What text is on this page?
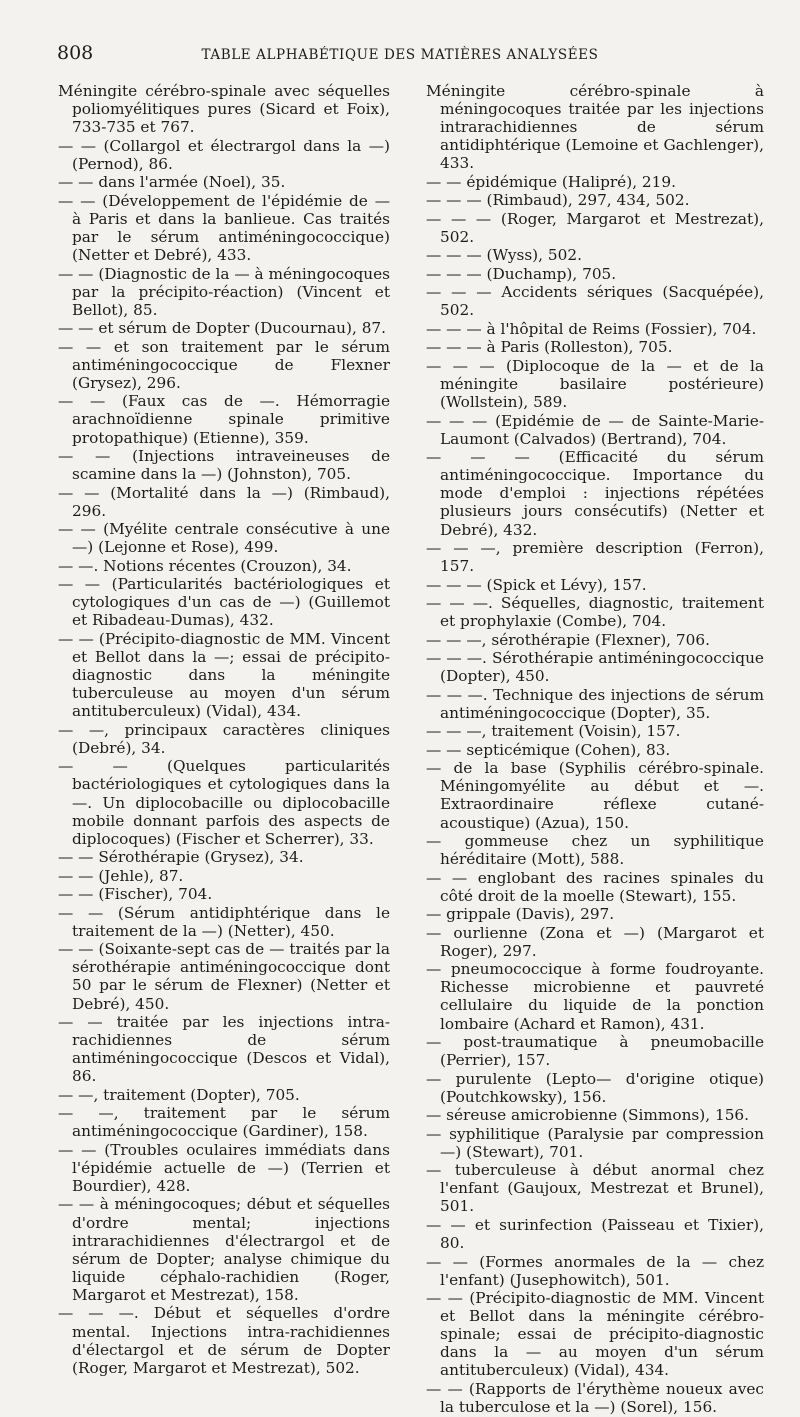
808	TABLE ALPHABÉTIQUE DES MATIÈRES ANALYSÉES

Méningite cérébro-spinale avec séquelles poliomyélitiques pures (Sicard et Foix), 733-735 et 767.

— — (Collargol et électrargol dans la —) (Pernod), 86.

— — dans l'armée (Noel), 35.

— — (Développement de l'épidémie de — à Paris et dans la banlieue. Cas traités par le sérum antiméningococcique) (Netter et Debré), 433.

— — (Diagnostic de la — à méningocoques par la précipito-réaction) (Vincent et Bellot), 85.

— — et sérum de Dopter (Ducournau), 87.

— — et son traitement par le sérum antiméningococcique de Flexner (Grysez), 296.

— — (Faux cas de —. Hémorragie arachnoïdienne spinale primitive protopathique) (Etienne), 359.

— — (Injections intraveineuses de scamine dans la —) (Johnston), 705.

— — (Mortalité dans la —) (Rimbaud), 296.

— — (Myélite centrale consécutive à une —) (Lejonne et Rose), 499.

— —. Notions récentes (Crouzon), 34.

— — (Particularités bactériologiques et cytologiques d'un cas de —) (Guillemot et Ribadeau-Dumas), 432.

— — (Précipito-diagnostic de MM. Vincent et Bellot dans la —; essai de précipito-diagnostic dans la méningite tuberculeuse au moyen d'un sérum antituberculeux) (Vidal), 434.

— —, principaux caractères cliniques (Debré), 34.

— — (Quelques particularités bactériologiques et cytologiques dans la —. Un diplocobacille ou diplocobacille mobile donnant parfois des aspects de diplocoques) (Fischer et Scherrer), 33.

— — Sérothérapie (Grysez), 34.

— — (Jehle), 87.

— — (Fischer), 704.

— — (Sérum antidiphtérique dans le traitement de la —) (Netter), 450.

— — (Soixante-sept cas de — traités par la sérothérapie antiméningococcique dont 50 par le sérum de Flexner) (Netter et Debré), 450.

— — traitée par les injections intra-rachidiennes de sérum antiméningococcique (Descos et Vidal), 86.

— —, traitement (Dopter), 705.

— —, traitement par le sérum antiméningococcique (Gardiner), 158.

— — (Troubles oculaires immédiats dans l'épidémie actuelle de —) (Terrien et Bourdier), 428.

— — à méningocoques; début et séquelles d'ordre mental; injections intrarachidiennes d'électrargol et de sérum de Dopter; analyse chimique du liquide céphalo-rachidien (Roger, Margarot et Mestrezat), 158.

— — —. Début et séquelles d'ordre mental. Injections intra-rachidiennes d'électargol et de sérum de Dopter (Roger, Margarot et Mestrezat), 502.

Méningite cérébro-spinale à méningocoques traitée par les injections intrarachidiennes de sérum antidiphtérique (Lemoine et Gachlenger), 433.

— — épidémique (Halipré), 219.

— — — (Rimbaud), 297, 434, 502.

— — — (Roger, Margarot et Mestrezat), 502.

— — — (Wyss), 502.

— — — (Duchamp), 705.

— — — Accidents sériques (Sacquépée), 502.

— — — à l'hôpital de Reims (Fossier), 704.

— — — à Paris (Rolleston), 705.

— — — (Diplocoque de la — et de la méningite basilaire postérieure) (Wollstein), 589.

— — — (Epidémie de — de Sainte-Marie-Laumont (Calvados) (Bertrand), 704.

— — — (Efficacité du sérum antiméningococcique. Importance du mode d'emploi : injections répétées plusieurs jours consécutifs) (Netter et Debré), 432.

— — —, première description (Ferron), 157.

— — — (Spick et Lévy), 157.

— — —. Séquelles, diagnostic, traitement et prophylaxie (Combe), 704.

— — —, sérothérapie (Flexner), 706.

— — —. Sérothérapie antiméningococcique (Dopter), 450.

— — —. Technique des injections de sérum antiméningococcique (Dopter), 35.

— — —, traitement (Voisin), 157.

— — septicémique (Cohen), 83.

— de la base (Syphilis cérébro-spinale. Méningomyélite au début et —. Extraordinaire réflexe cutané-acoustique) (Azua), 150.

— gommeuse chez un syphilitique héréditaire (Mott), 588.

— — englobant des racines spinales du côté droit de la moelle (Stewart), 155.

— grippale (Davis), 297.

— ourlienne (Zona et —) (Margarot et Roger), 297.

— pneumococcique à forme foudroyante. Richesse microbienne et pauvreté cellulaire du liquide de la ponction lombaire (Achard et Ramon), 431.

— post-traumatique à pneumobacille (Perrier), 157.

— purulente (Lepto— d'origine otique) (Poutchkowsky), 156.

— séreuse amicrobienne (Simmons), 156.

— syphilitique (Paralysie par compression —) (Stewart), 701.

— tuberculeuse à début anormal chez l'enfant (Gaujoux, Mestrezat et Brunel), 501.

— — et surinfection (Paisseau et Tixier), 80.

— — (Formes anormales de la — chez l'enfant) (Jusephowitch), 501.

— — (Précipito-diagnostic de MM. Vincent et Bellot dans la méningite cérébro-spinale; essai de précipito-diagnostic dans la — au moyen d'un sérum antituberculeux) (Vidal), 434.

— — (Rapports de l'érythème noueux avec la tuberculose et la —) (Sorel), 156.
